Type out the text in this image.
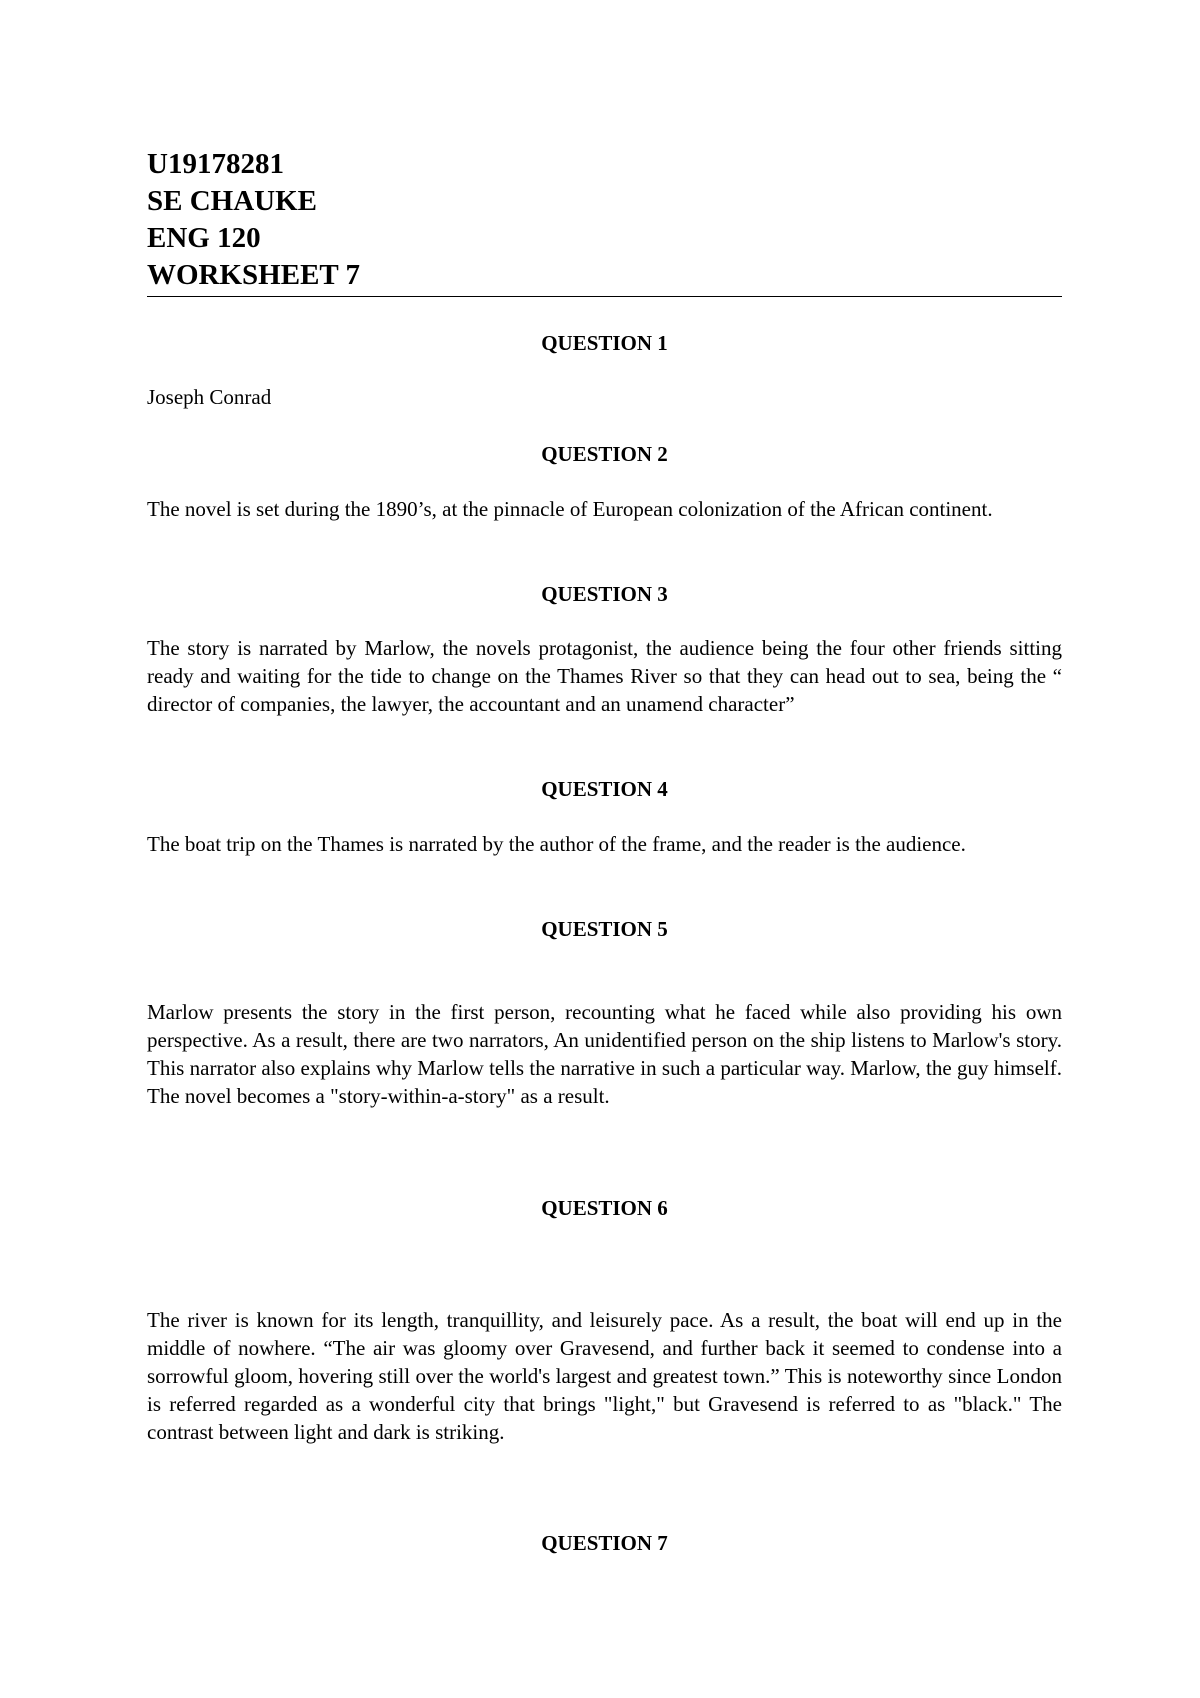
U19178281

SE CHAUKE

ENG 120

WORKSHEET 7

QUESTION 1

Joseph Conrad

QUESTION 2

The novel is set during the 1890’s, at the pinnacle of European colonization of the African continent.

QUESTION 3

The story is narrated by Marlow, the novels protagonist, the audience being the four other friends sitting ready and waiting for the tide to change on the Thames River so that they can head out to sea, being the “ director of companies, the lawyer, the accountant and an unamend character”

QUESTION 4

The boat trip on the Thames is narrated by the author of the frame, and the reader is the audience.

QUESTION 5

Marlow presents the story in the first person, recounting what he faced while also providing his own perspective. As a result, there are two narrators, An unidentified person on the ship listens to Marlow's story. This narrator also explains why Marlow tells the narrative in such a particular way. Marlow, the guy himself. The novel becomes a "story-within-a-story" as a result.

QUESTION 6

The river is known for its length, tranquillity, and leisurely pace. As a result, the boat will end up in the middle of nowhere. “The air was gloomy over Gravesend, and further back it seemed to condense into a sorrowful gloom, hovering still over the world's largest and greatest town.” This is noteworthy since London is referred regarded as a wonderful city that brings "light," but Gravesend is referred to as "black." The contrast between light and dark is striking.

QUESTION 7
